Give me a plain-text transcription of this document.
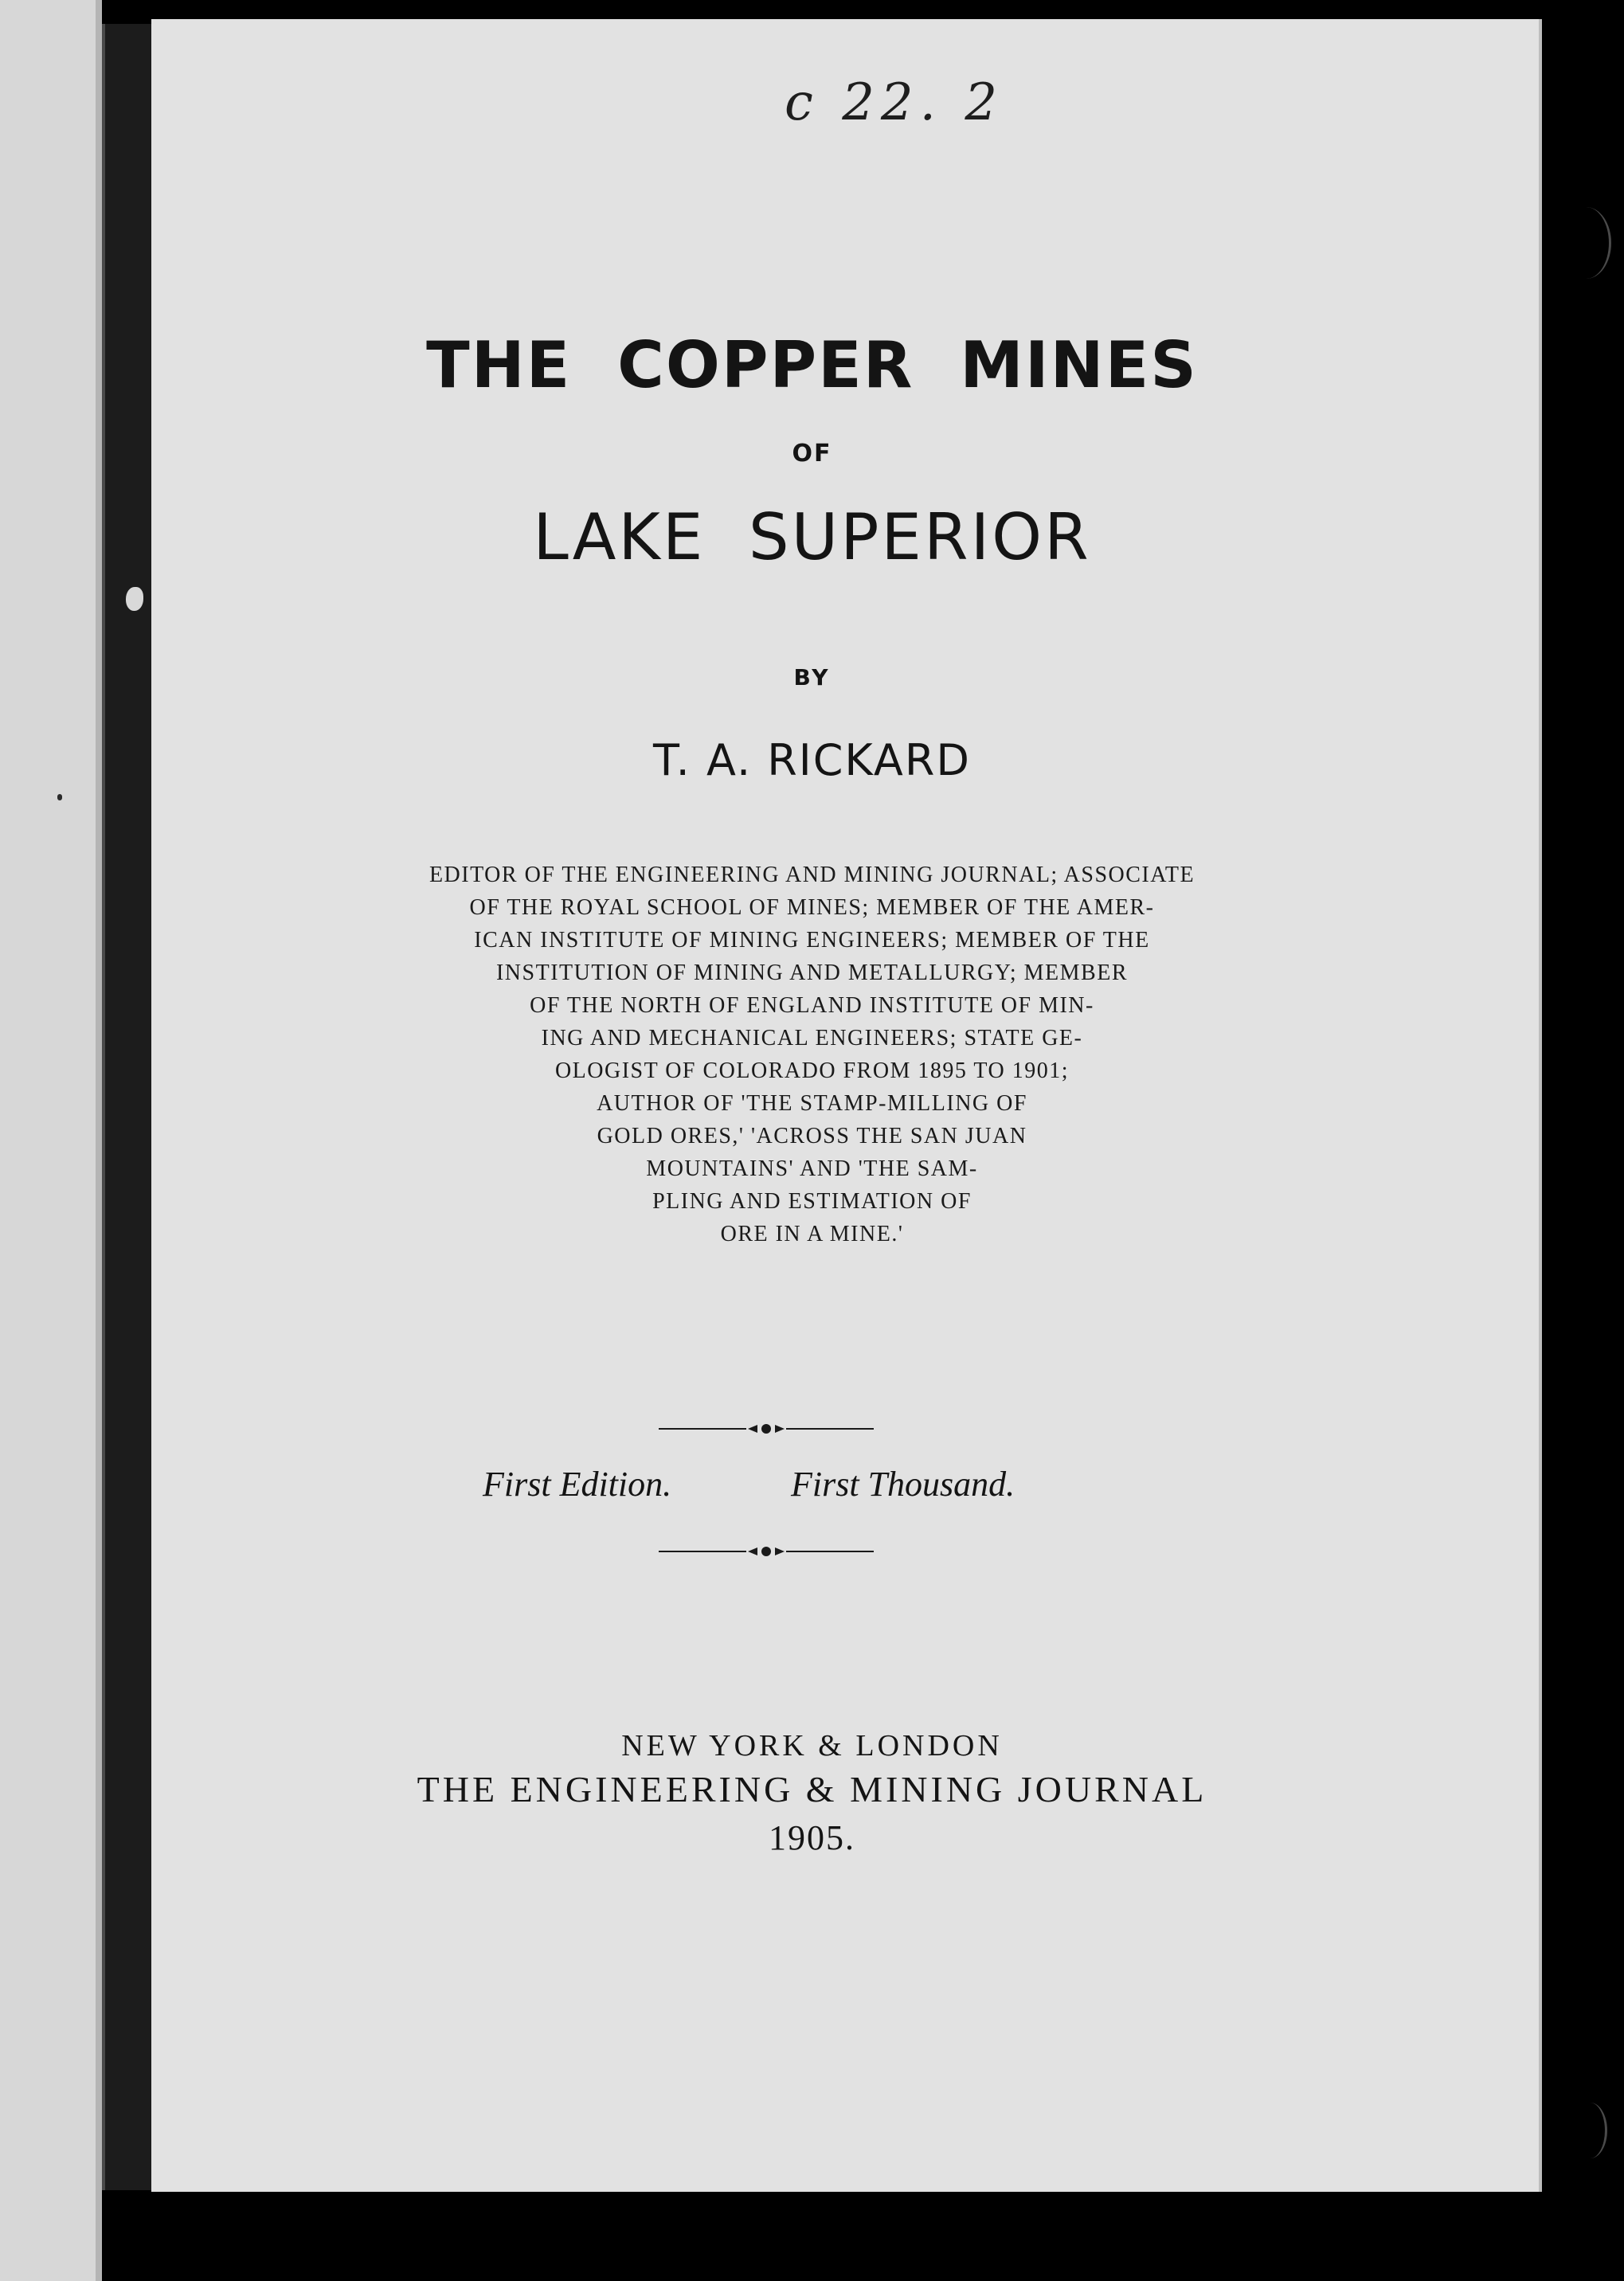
c 22. 2
THE COPPER MINES
OF
LAKE SUPERIOR
BY
T. A. RICKARD
EDITOR OF THE ENGINEERING AND MINING JOURNAL; ASSOCIATE
OF THE ROYAL SCHOOL OF MINES; MEMBER OF THE AMER-
ICAN INSTITUTE OF MINING ENGINEERS; MEMBER OF THE
INSTITUTION OF MINING AND METALLURGY; MEMBER
OF THE NORTH OF ENGLAND INSTITUTE OF MIN-
ING AND MECHANICAL ENGINEERS; STATE GE-
OLOGIST OF COLORADO FROM 1895 TO 1901;
AUTHOR OF 'THE STAMP-MILLING OF
GOLD ORES,' 'ACROSS THE SAN JUAN
MOUNTAINS' AND 'THE SAM-
PLING AND ESTIMATION OF
ORE IN A MINE.'
First Edition.	First Thousand.
NEW YORK & LONDON
THE ENGINEERING & MINING JOURNAL
1905.
